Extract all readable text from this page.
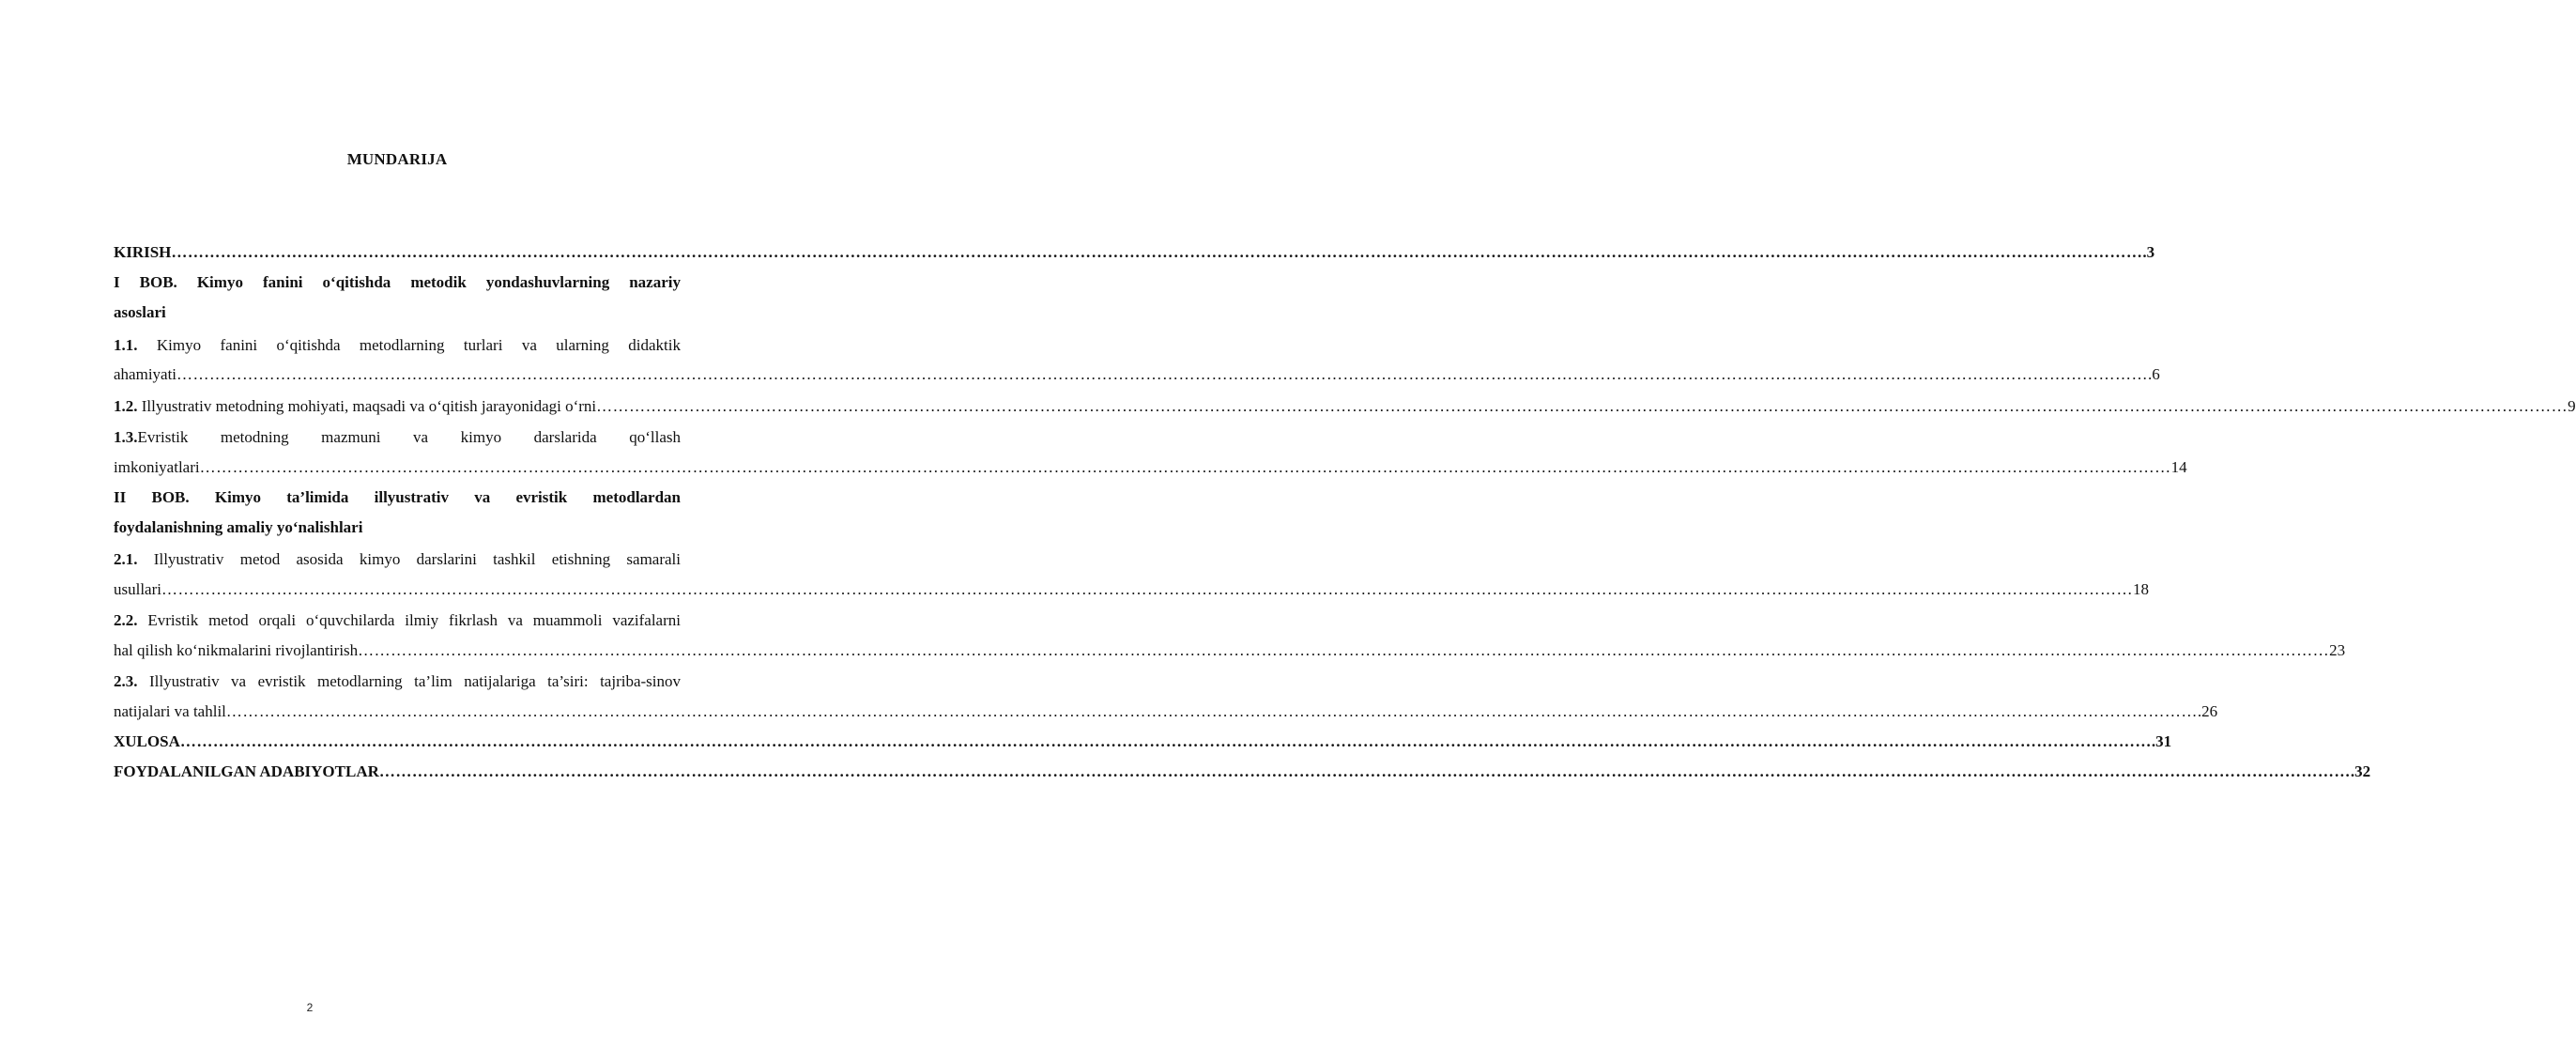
MUNDARIJA
KIRISH ……………………………………………………………………………………………………………………………………………………………………………………………………………………………………………………………………………………………………………………………… .3
I BOB. Kimyo fanini o‘qitishda metodik yondashuvlarning nazariy
asoslari
1.1. Kimyo fanini o‘qitishda metodlarning turlari va ularning didaktik
ahamiyati ……………………………………………………………………………………………………………………………………………………………………………………………………………………………………………………………………………………………………………………………… .6
1.2. Illyustrativ metodning mohiyati, maqsadi va o‘qitish jarayonidagi o‘rni ……………………………………………………………………………………………………………………………………………………………………………………………………………………………………………………………………………………………………………………………… 9
1.3.Evristik metodning mazmuni va kimyo darslarida qo‘llash
imkoniyatlari ……………………………………………………………………………………………………………………………………………………………………………………………………………………………………………………………………………………………………………………………… 14
II BOB. Kimyo ta’limida illyustrativ va evristik metodlardan
foydalanishning amaliy yo‘nalishlari
2.1. Illyustrativ metod asosida kimyo darslarini tashkil etishning samarali
usullari ……………………………………………………………………………………………………………………………………………………………………………………………………………………………………………………………………………………………………………………………… 18
2.2. Evristik metod orqali o‘quvchilarda ilmiy fikrlash va muammoli vazifalarni
hal qilish ko‘nikmalarini rivojlantirish ……………………………………………………………………………………………………………………………………………………………………………………………………………………………………………………………………………………………………………………………… 23
2.3. Illyustrativ va evristik metodlarning ta’lim natijalariga ta’siri: tajriba-sinov
natijalari va tahlil ……………………………………………………………………………………………………………………………………………………………………………………………………………………………………………………………………………………………………………………………… .26
XULOSA ……………………………………………………………………………………………………………………………………………………………………………………………………………………………………………………………………………………………………………………………… .31
FOYDALANILGAN ADABIYOTLAR ……………………………………………………………………………………………………………………………………………………………………………………………………………………………………………………………………………………………………………………………… .32
2
